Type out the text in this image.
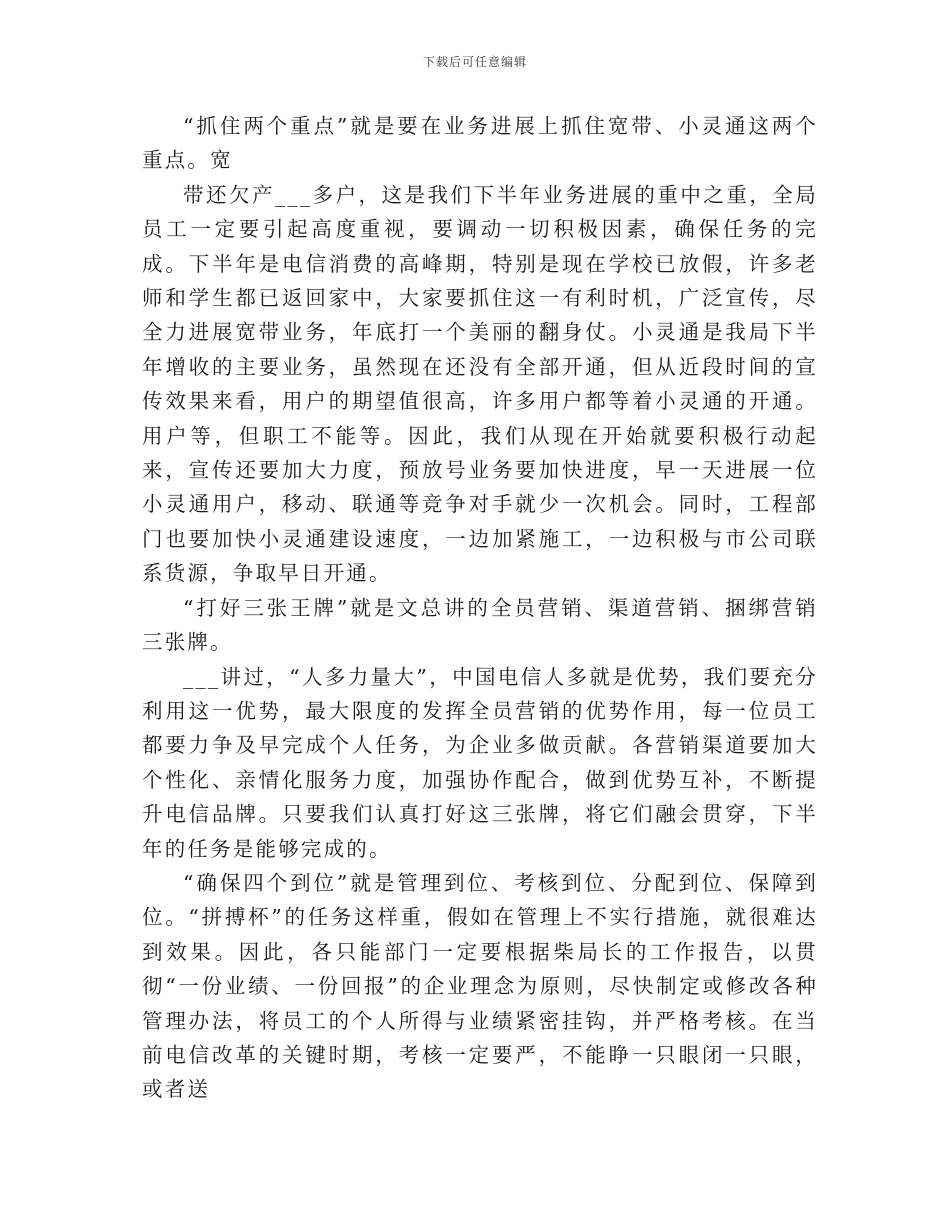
下载后可任意编辑

“抓住两个重点”就是要在业务进展上抓住宽带、小灵通这两个重点。宽

带还欠产___多户，这是我们下半年业务进展的重中之重，全局员工一定要引起高度重视，要调动一切积极因素，确保任务的完成。下半年是电信消费的高峰期，特别是现在学校已放假，许多老师和学生都已返回家中，大家要抓住这一有利时机，广泛宣传，尽全力进展宽带业务，年底打一个美丽的翻身仗。小灵通是我局下半年增收的主要业务，虽然现在还没有全部开通，但从近段时间的宣传效果来看，用户的期望值很高，许多用户都等着小灵通的开通。用户等，但职工不能等。因此，我们从现在开始就要积极行动起来，宣传还要加大力度，预放号业务要加快进度，早一天进展一位小灵通用户，移动、联通等竞争对手就少一次机会。同时，工程部门也要加快小灵通建设速度，一边加紧施工，一边积极与市公司联系货源，争取早日开通。

“打好三张王牌”就是文总讲的全员营销、渠道营销、捆绑营销三张牌。

___讲过，“人多力量大”，中国电信人多就是优势，我们要充分利用这一优势，最大限度的发挥全员营销的优势作用，每一位员工都要力争及早完成个人任务，为企业多做贡献。各营销渠道要加大个性化、亲情化服务力度，加强协作配合，做到优势互补，不断提升电信品牌。只要我们认真打好这三张牌，将它们融会贯穿，下半年的任务是能够完成的。

“确保四个到位”就是管理到位、考核到位、分配到位、保障到位。“拼搏杯”的任务这样重，假如在管理上不实行措施，就很难达到效果。因此，各只能部门一定要根据柴局长的工作报告，以贯彻“一份业绩、一份回报”的企业理念为原则，尽快制定或修改各种管理办法，将员工的个人所得与业绩紧密挂钩，并严格考核。在当前电信改革的关键时期，考核一定要严，不能睁一只眼闭一只眼，或者送
